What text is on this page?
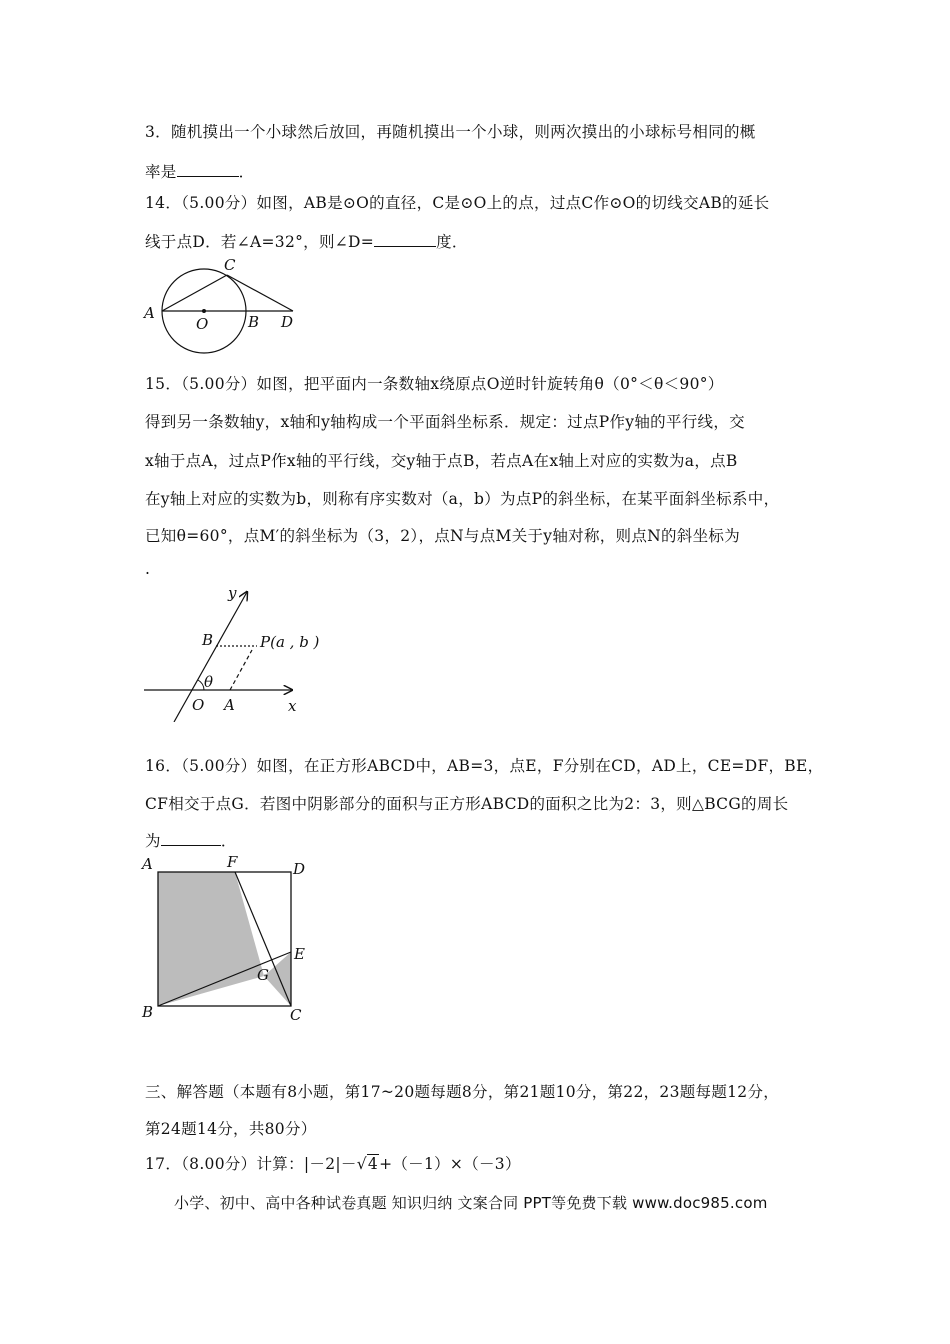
3．随机摸出一个小球然后放回，再随机摸出一个小球，则两次摸出的小球标号相同的概
率是	．
14．（5.00分）如图，AB是⊙O的直径，C是⊙O上的点，过点C作⊙O的切线交AB的延长
线于点D．若∠A=32°，则∠D=	度．
A
O	B
C
D
15．（5.00分）如图，把平面内一条数轴x绕原点O逆时针旋转角θ（0°＜θ＜90°）
得到另一条数轴y，x轴和y轴构成一个平面斜坐标系．规定：过点P作y轴的平行线，交
x轴于点A，过点P作x轴的平行线，交y轴于点B，若点A在x轴上对应的实数为a，点B
在y轴上对应的实数为b，则称有序实数对（a，b）为点P的斜坐标，在某平面斜坐标系中，
已知θ=60°，点M′的斜坐标为（3，2），点N与点M关于y轴对称，则点N的斜坐标为
.
y
x
B	P(a , b )
θ
O A
16．（5.00分）如图，在正方形ABCD中，AB=3，点E，F分别在CD，AD上，CE=DF，BE，
CF相交于点G．若图中阴影部分的面积与正方形ABCD的面积之比为2：3，则△BCG的周长
为	．
A	F	D
E
G
B	C
三、解答题（本题有8小题，第17~20题每题8分，第21题10分，第22，23题每题12分，
第24题14分，共80分）
17．（8.00分）计算：|－2|－√4+（－1）×（－3）
小学、初中、高中各种试卷真题 知识归纳 文案合同 PPT等免费下载 www.doc985.com
